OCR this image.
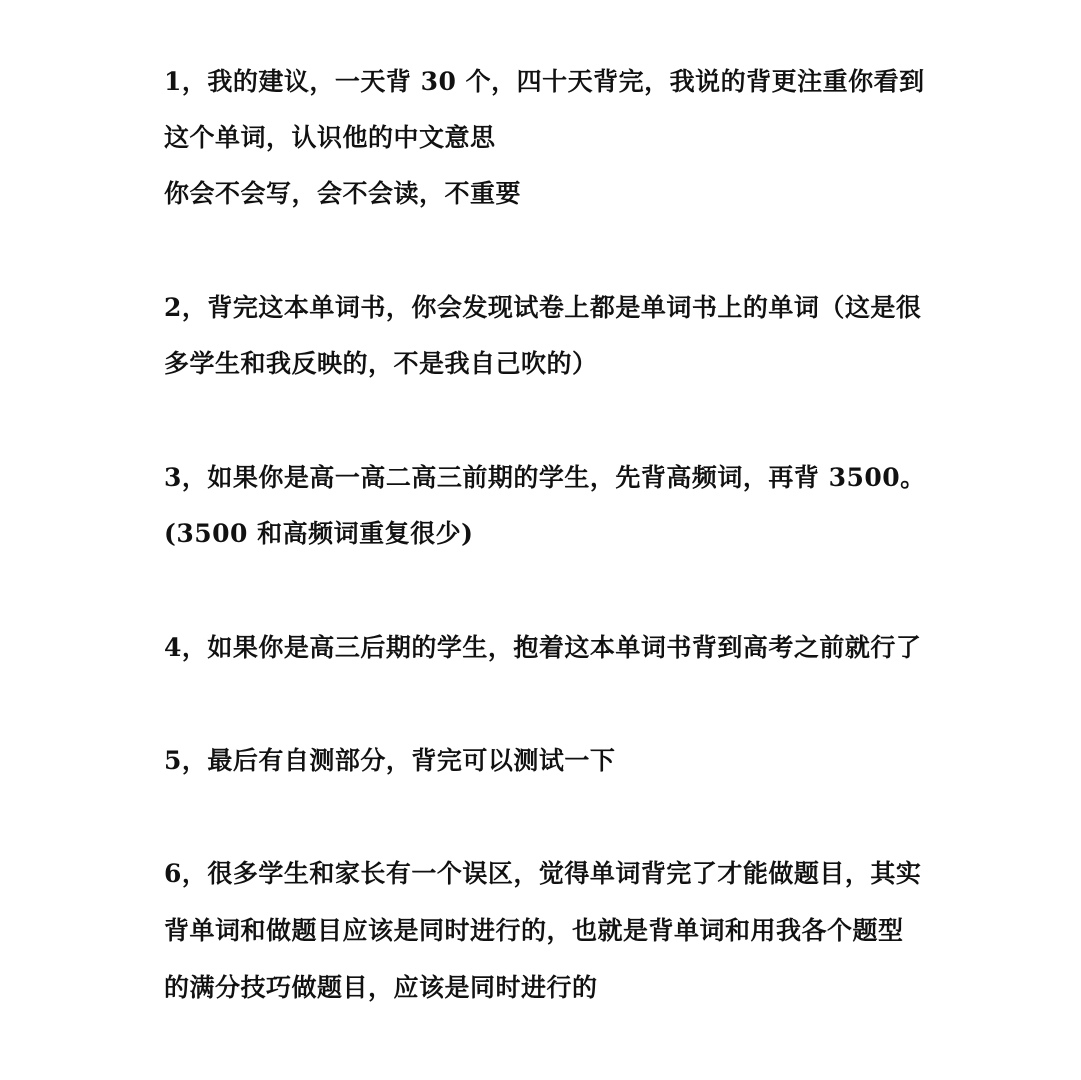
1，我的建议，一天背 30 个，四十天背完，我说的背更注重你看到
这个单词，认识他的中文意思
你会不会写，会不会读，不重要
2，背完这本单词书，你会发现试卷上都是单词书上的单词（这是很
多学生和我反映的，不是我自己吹的）
3，如果你是高一高二高三前期的学生，先背高频词，再背 3500。
(3500 和高频词重复很少)
4，如果你是高三后期的学生，抱着这本单词书背到高考之前就行了
5，最后有自测部分，背完可以测试一下
6，很多学生和家长有一个误区，觉得单词背完了才能做题目，其实
背单词和做题目应该是同时进行的，也就是背单词和用我各个题型
的满分技巧做题目，应该是同时进行的
